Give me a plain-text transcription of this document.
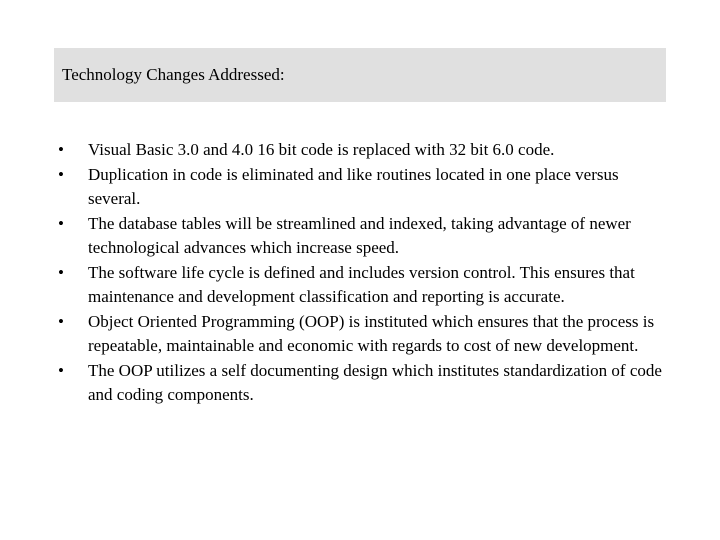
Technology Changes Addressed:
•	Visual Basic 3.0 and 4.0 16 bit code is replaced with 32 bit 6.0 code.
•	Duplication in code is eliminated and like routines located in one place versus several.
•	The database tables will be streamlined and indexed, taking advantage of newer technological advances which increase speed.
•	The software life cycle is defined and includes version control. This ensures that maintenance and development classification and reporting is accurate.
•	Object Oriented Programming (OOP) is instituted which ensures that the process is repeatable, maintainable and economic with regards to cost of new development.
•	The OOP utilizes a self documenting design which institutes standardization of code and coding components.
